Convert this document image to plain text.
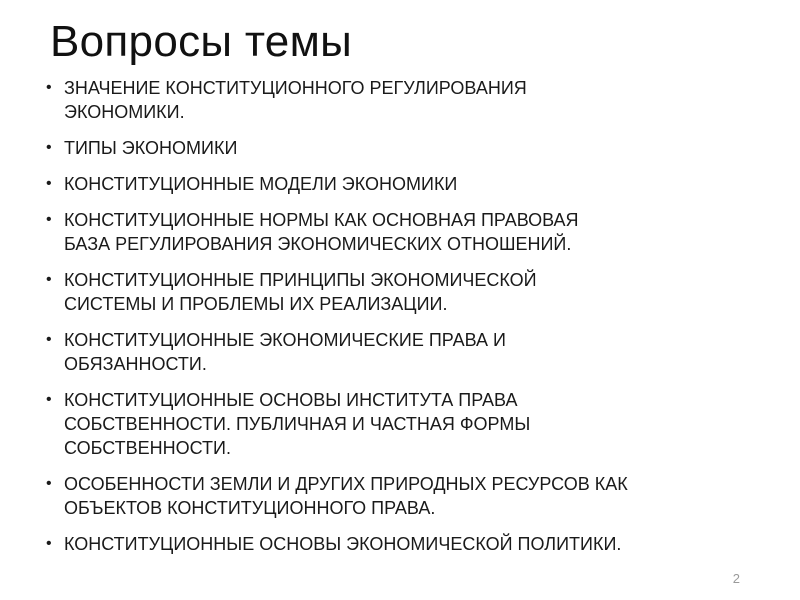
Вопросы темы
• ЗНАЧЕНИЕ КОНСТИТУЦИОННОГО РЕГУЛИРОВАНИЯ
ЭКОНОМИКИ.
• ТИПЫ ЭКОНОМИКИ
• КОНСТИТУЦИОННЫЕ МОДЕЛИ ЭКОНОМИКИ
• КОНСТИТУЦИОННЫЕ НОРМЫ КАК ОСНОВНАЯ ПРАВОВАЯ
БАЗА РЕГУЛИРОВАНИЯ ЭКОНОМИЧЕСКИХ ОТНОШЕНИЙ.
• КОНСТИТУЦИОННЫЕ ПРИНЦИПЫ ЭКОНОМИЧЕСКОЙ
СИСТЕМЫ И ПРОБЛЕМЫ ИХ РЕАЛИЗАЦИИ.
• КОНСТИТУЦИОННЫЕ ЭКОНОМИЧЕСКИЕ ПРАВА И
ОБЯЗАННОСТИ.
• КОНСТИТУЦИОННЫЕ ОСНОВЫ ИНСТИТУТА ПРАВА
СОБСТВЕННОСТИ. ПУБЛИЧНАЯ И ЧАСТНАЯ ФОРМЫ
СОБСТВЕННОСТИ.
• ОСОБЕННОСТИ ЗЕМЛИ И ДРУГИХ ПРИРОДНЫХ РЕСУРСОВ КАК
ОБЪЕКТОВ КОНСТИТУЦИОННОГО ПРАВА.
• КОНСТИТУЦИОННЫЕ ОСНОВЫ ЭКОНОМИЧЕСКОЙ ПОЛИТИКИ.
2
